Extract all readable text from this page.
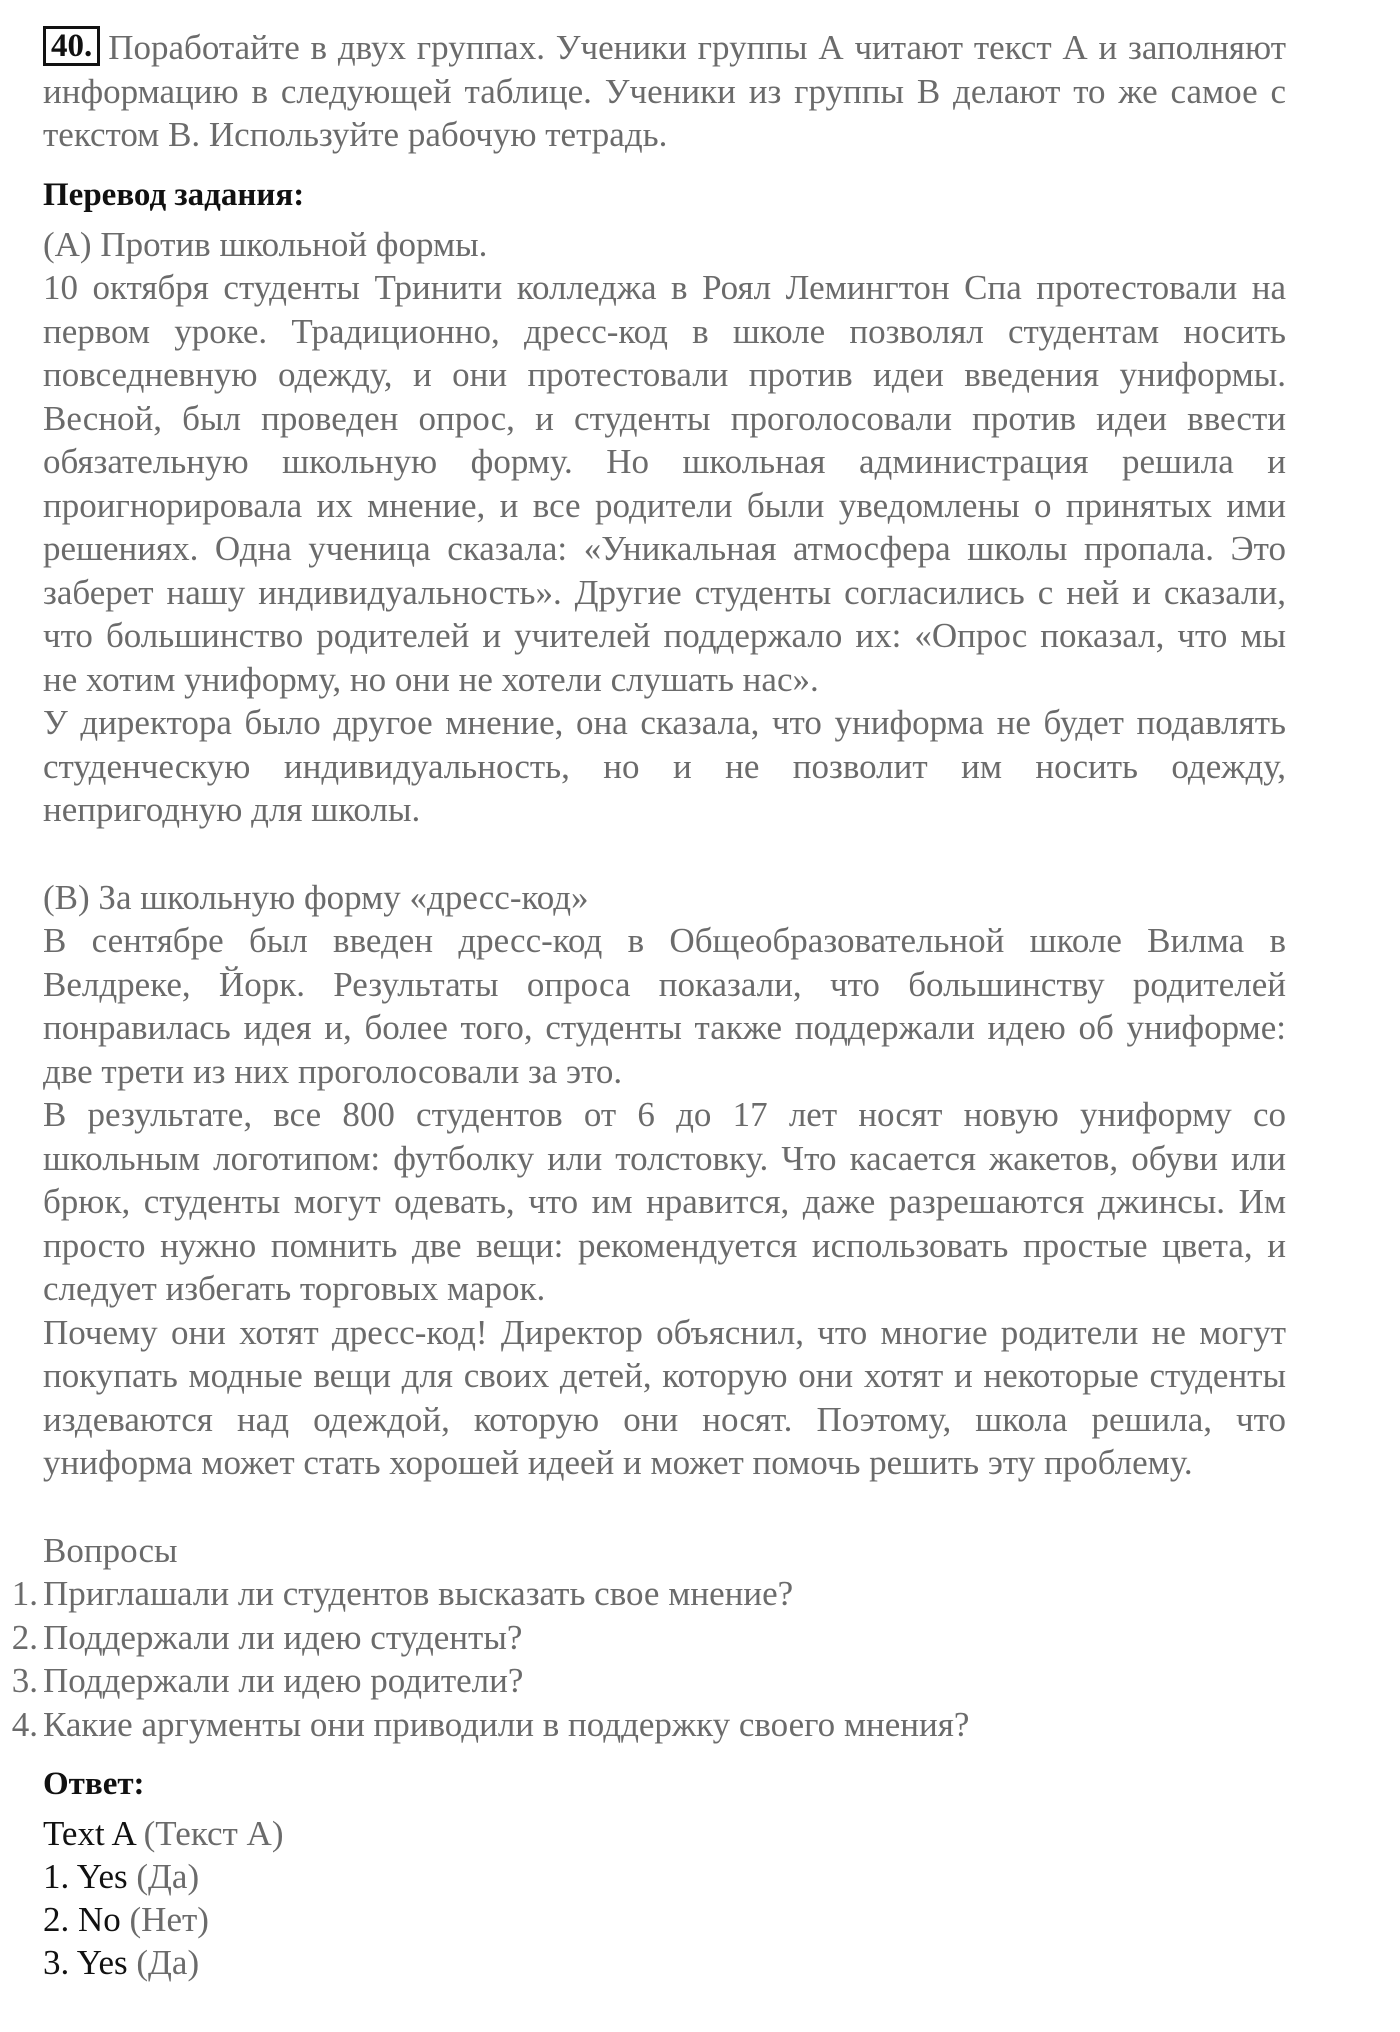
40. Поработайте в двух группах. Ученики группы А читают текст А и заполняют информацию в следующей таблице. Ученики из группы В делают то же самое с текстом В. Используйте рабочую тетрадь.

Перевод задания:

(А) Против школьной формы.

10 октября студенты Тринити колледжа в Роял Лемингтон Спа протестовали на первом уроке. Традиционно, дресс-код в школе позволял студентам носить повседневную одежду, и они протестовали против идеи введения униформы. Весной, был проведен опрос, и студенты проголосовали против идеи ввести обязательную школьную форму. Но школьная администрация решила и проигнорировала их мнение, и все родители были уведомлены о принятых ими решениях. Одна ученица сказала: «Уникальная атмосфера школы пропала. Это заберет нашу индивидуальность». Другие студенты согласились с ней и сказали, что большинство родителей и учителей поддержало их: «Опрос показал, что мы не хотим униформу, но они не хотели слушать нас».

У директора было другое мнение, она сказала, что униформа не будет подавлять студенческую индивидуальность, но и не позволит им носить одежду, непригодную для школы.

(В) За школьную форму «дресс-код»

В сентябре был введен дресс-код в Общеобразовательной школе Вилма в Велдреке, Йорк. Результаты опроса показали, что большинству родителей понравилась идея и, более того, студенты также поддержали идею об униформе: две трети из них проголосовали за это.

В результате, все 800 студентов от 6 до 17 лет носят новую униформу со школьным логотипом: футболку или толстовку. Что касается жакетов, обуви или брюк, студенты могут одевать, что им нравится, даже разрешаются джинсы. Им просто нужно помнить две вещи: рекомендуется использовать простые цвета, и следует избегать торговых марок.

Почему они хотят дресс-код! Директор объяснил, что многие родители не могут покупать модные вещи для своих детей, которую они хотят и некоторые студенты издеваются над одеждой, которую они носят. Поэтому, школа решила, что униформа может стать хорошей идеей и может помочь решить эту проблему.

Вопросы

1. Приглашали ли студентов высказать свое мнение?
2. Поддержали ли идею студенты?
3. Поддержали ли идею родители?
4. Какие аргументы они приводили в поддержку своего мнения?
Ответ:

Text A (Текст А)

1. Yes (Да)

2. No (Нет)

3. Yes (Да)
